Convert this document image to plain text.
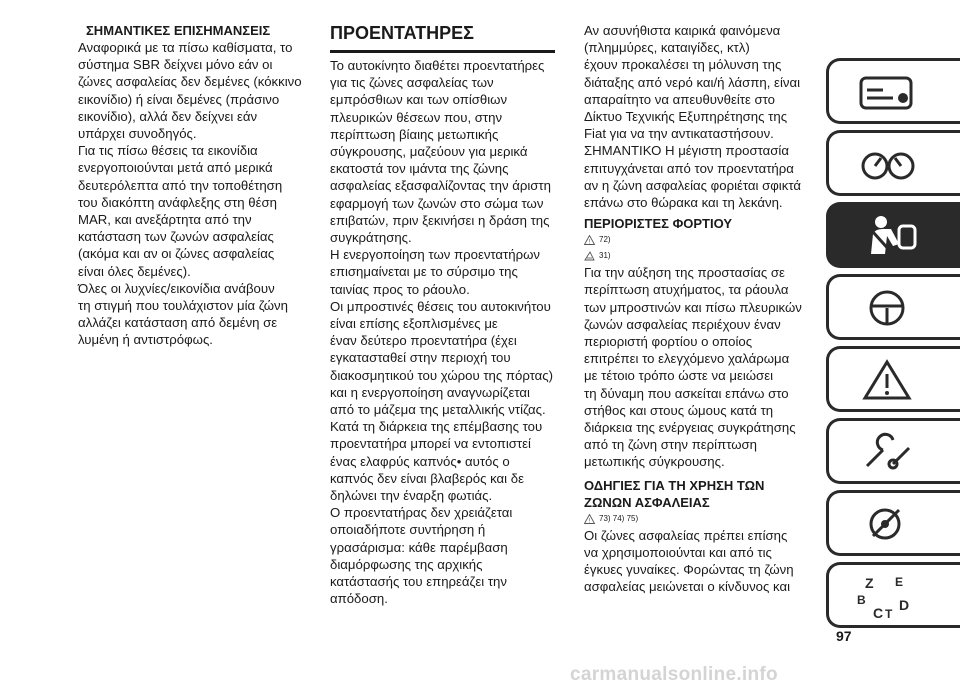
ΣΗΜΑΝΤΙΚΕΣ ΕΠΙΣΗΜΑΝΣΕΙΣ

Αναφορικά με τα πίσω καθίσματα, το
σύστημα SBR δείχνει μόνο εάν οι
ζώνες ασφαλείας δεν δεμένες (κόκκινο
εικονίδιο) ή είναι δεμένες (πράσινο
εικονίδιο), αλλά δεν δείχνει εάν
υπάρχει συνοδηγός.

Για τις πίσω θέσεις τα εικονίδια
ενεργοποιούνται μετά από μερικά
δευτερόλεπτα από την τοποθέτηση
του διακόπτη ανάφλεξης στη θέση
MAR, και ανεξάρτητα από την
κατάσταση των ζωνών ασφαλείας
(ακόμα και αν οι ζώνες ασφαλείας
είναι όλες δεμένες).

Όλες οι λυχνίες/εικονίδια ανάβουν
τη στιγμή που τουλάχιστον μία ζώνη
αλλάζει κατάσταση από δεμένη σε
λυμένη ή αντιστρόφως.

ΠΡΟΕΝΤΑΤΗΡΕΣ

Το αυτοκίνητο διαθέτει προεντατήρες
για τις ζώνες ασφαλείας των
εμπρόσθιων και των οπίσθιων
πλευρικών θέσεων που, στην
περίπτωση βίαιης μετωπικής
σύγκρουσης, μαζεύουν για μερικά
εκατοστά τον ιμάντα της ζώνης
ασφαλείας εξασφαλίζοντας την άριστη
εφαρμογή των ζωνών στο σώμα των
επιβατών, πριν ξεκινήσει η δράση της
συγκράτησης.

Η ενεργοποίηση των προεντατήρων
επισημαίνεται με το σύρσιμο της
ταινίας προς το ράουλο.

Οι μπροστινές θέσεις του αυτοκινήτου
είναι επίσης εξοπλισμένες με
έναν δεύτερο προεντατήρα (έχει
εγκατασταθεί στην περιοχή του
διακοσμητικού του χώρου της πόρτας)
και η ενεργοποίηση αναγνωρίζεται
από το μάζεμα της μεταλλικής ντίζας.

Κατά τη διάρκεια της επέμβασης του
προεντατήρα μπορεί να εντοπιστεί
ένας ελαφρύς καπνός• αυτός ο
καπνός δεν είναι βλαβερός και δε
δηλώνει την έναρξη φωτιάς.

Ο προεντατήρας δεν χρειάζεται
οποιαδήποτε συντήρηση ή
γρασάρισμα: κάθε παρέμβαση
διαμόρφωσης της αρχικής
κατάστασής του επηρεάζει την
απόδοση.

Αν ασυνήθιστα καιρικά φαινόμενα
(πλημμύρες, καταιγίδες, κτλ)
έχουν προκαλέσει τη μόλυνση της
διάταξης από νερό και/ή λάσπη, είναι
απαραίτητο να απευθυνθείτε στο
Δίκτυο Τεχνικής Εξυπηρέτησης της
Fiat για να την αντικαταστήσουν.

ΣΗΜΑΝΤΙΚΟ Η μέγιστη προστασία
επιτυγχάνεται από τον προεντατήρα
αν η ζώνη ασφαλείας φοριέται σφικτά
επάνω στο θώρακα και τη λεκάνη.

ΠΕΡΙΟΡΙΣΤΕΣ ΦΟΡΤΙΟΥ

! 72)

31)

Για την αύξηση της προστασίας σε
περίπτωση ατυχήματος, τα ράουλα
των μπροστινών και πίσω πλευρικών
ζωνών ασφαλείας περιέχουν έναν
περιοριστή φορτίου ο οποίος
επιτρέπει το ελεγχόμενο χαλάρωμα
με τέτοιο τρόπο ώστε να μειώσει
τη δύναμη που ασκείται επάνω στο
στήθος και στους ώμους κατά τη
διάρκεια της ενέργειας συγκράτησης
από τη ζώνη στην περίπτωση
μετωπικής σύγκρουσης.

ΟΔΗΓΙΕΣ ΓΙΑ ΤΗ ΧΡΗΣΗ ΤΩΝ
ΖΩΝΩΝ ΑΣΦΑΛΕΙΑΣ

! 73) 74) 75)

Οι ζώνες ασφαλείας πρέπει επίσης
να χρησιμοποιούνται και από τις
έγκυες γυναίκες. Φορώντας τη ζώνη
ασφαλείας μειώνεται ο κίνδυνος και

97
Z E
B
C T
D
carmanualsonline.info
